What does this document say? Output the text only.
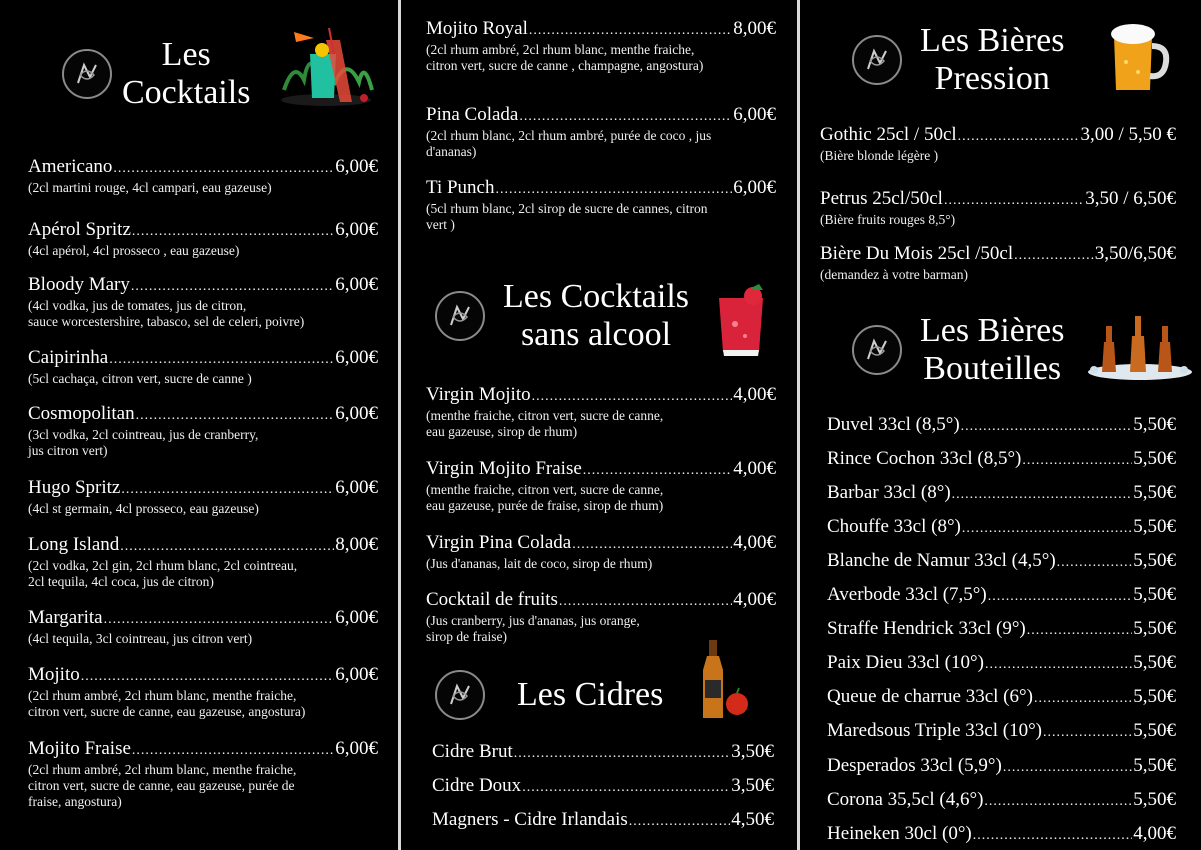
Les
Cocktails
Americano .....	6,00€
(2cl martini rouge, 4cl campari, eau gazeuse)
Apérol Spritz .....	6,00€
(4cl apérol, 4cl prosseco , eau gazeuse)
Bloody Mary .....	6,00€
(4cl vodka, jus de tomates, jus de citron,
sauce worcestershire, tabasco, sel de celeri, poivre)
Caipirinha .....	6,00€
(5cl cachaça, citron vert, sucre de canne )
Cosmopolitan .....	6,00€
(3cl vodka, 2cl cointreau, jus de cranberry,
jus citron vert)
Hugo Spritz .....	6,00€
(4cl st germain, 4cl prosseco, eau gazeuse)
Long Island .....	8,00€
(2cl vodka, 2cl gin, 2cl rhum blanc, 2cl cointreau,
2cl tequila, 4cl coca, jus de citron)
Margarita .....	6,00€
(4cl tequila, 3cl cointreau, jus citron vert)
Mojito .....	6,00€
(2cl rhum ambré, 2cl rhum blanc, menthe fraiche,
citron vert, sucre de canne, eau gazeuse, angostura)
Mojito Fraise .....	6,00€
(2cl rhum ambré, 2cl rhum blanc, menthe fraiche,
citron vert, sucre de canne, eau gazeuse, purée de
fraise, angostura)
Mojito Royal .....	8,00€
(2cl rhum ambré, 2cl rhum blanc, menthe fraiche,
citron vert, sucre de canne , champagne, angostura)
Pina Colada .....	6,00€
(2cl rhum blanc, 2cl rhum ambré, purée de coco , jus
d'ananas)
Ti Punch .....	6,00€
(5cl rhum blanc, 2cl sirop de sucre de cannes, citron
vert )
Les Cocktails
sans alcool
Virgin Mojito .....	4,00€
(menthe fraiche, citron vert, sucre de canne,
eau gazeuse, sirop de rhum)
Virgin Mojito Fraise .....	4,00€
(menthe fraiche, citron vert, sucre de canne,
eau gazeuse, purée de fraise, sirop de rhum)
Virgin Pina Colada .....	4,00€
(Jus d'ananas, lait de coco, sirop de rhum)
Cocktail de fruits .....	4,00€
(Jus cranberry, jus d'ananas, jus orange,
sirop de fraise)
Les Cidres
Cidre Brut .....	3,50€
Cidre Doux .....	3,50€
Magners - Cidre Irlandais .....	4,50€
Les Bières
Pression
Gothic 25cl / 50cl .....	3,00 / 5,50 €
(Bière blonde légère )
Petrus 25cl/50cl .....	3,50 / 6,50€
(Bière fruits rouges 8,5°)
Bière Du Mois 25cl /50cl .....	3,50/6,50€
(demandez à votre barman)
Les Bières
Bouteilles
Duvel 33cl (8,5°) .....	5,50€
Rince Cochon 33cl (8,5°) .....	5,50€
Barbar 33cl (8°) .....	5,50€
Chouffe 33cl (8°) .....	5,50€
Blanche de Namur 33cl (4,5°) .....	5,50€
Averbode 33cl (7,5°) .....	5,50€
Straffe Hendrick 33cl (9°) .....	5,50€
Paix Dieu 33cl (10°) .....	5,50€
Queue de charrue 33cl (6°) .....	5,50€
Maredsous Triple 33cl (10°) .....	5,50€
Desperados 33cl (5,9°) .....	5,50€
Corona 35,5cl (4,6°) .....	5,50€
Heineken 30cl (0°) .....	4,00€
